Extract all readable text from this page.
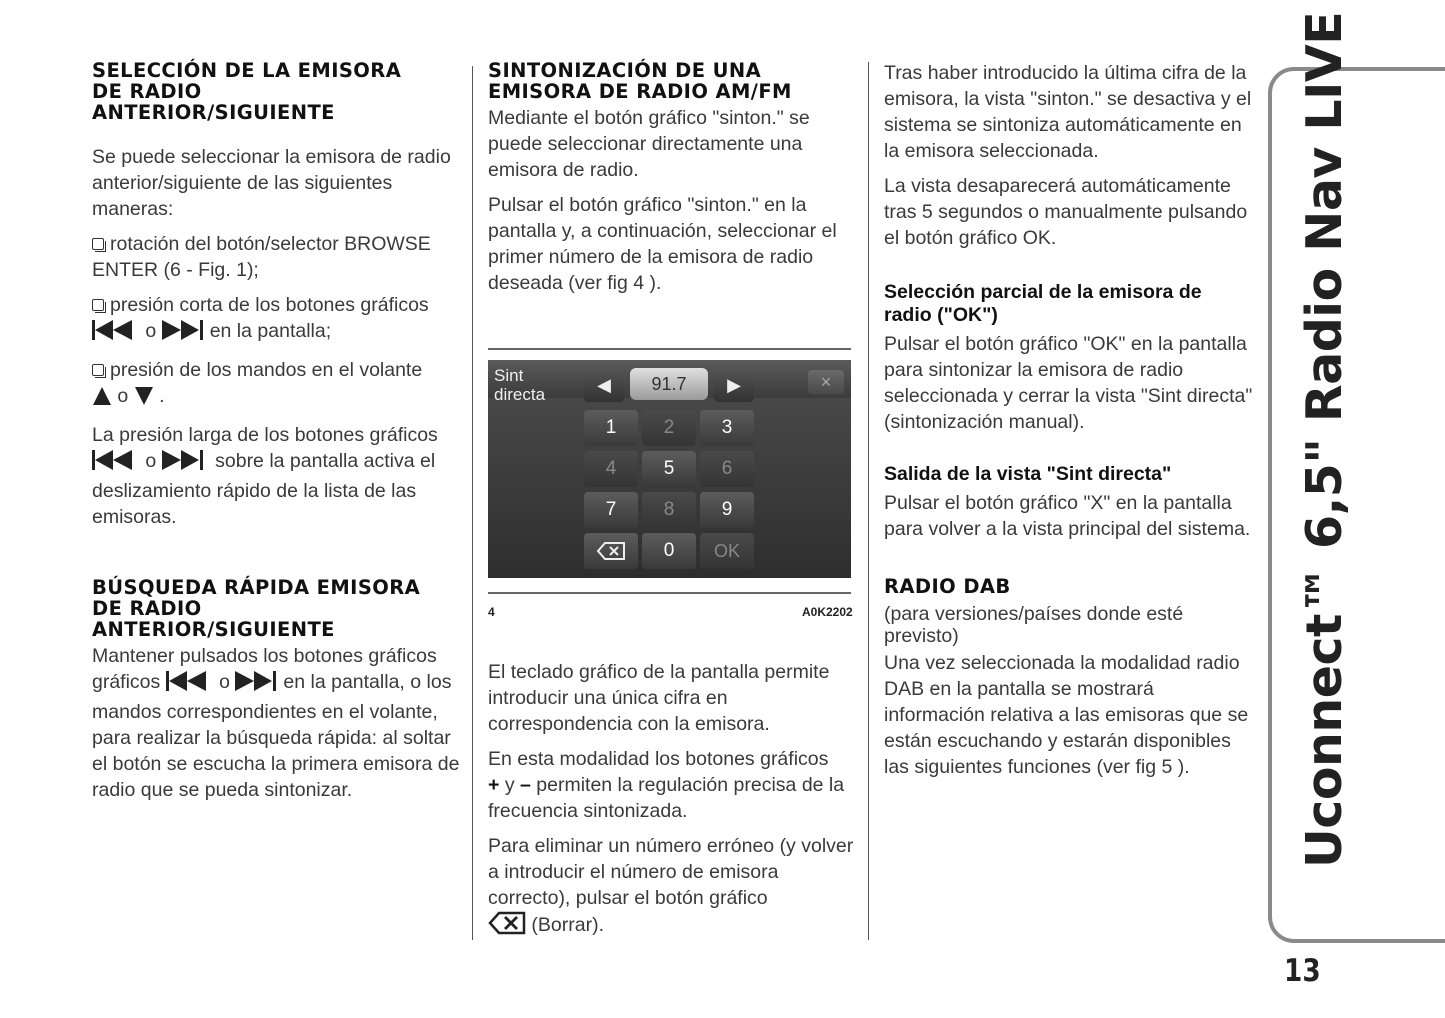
SELECCIÓN DE LA EMISORA DE RADIO ANTERIOR/SIGUIENTE

Se puede seleccionar la emisora de radio anterior/siguiente de las siguientes maneras:

rotación del botón/selector BROWSE ENTER (6 - Fig. 1);

presión corta de los botones gráficos
o	en la pantalla;

presión de los mandos en el volante
o .

La presión larga de los botones gráficos
o	sobre la pantalla activa el deslizamiento rápido de la lista de las emisoras.

BÚSQUEDA RÁPIDA EMISORA DE RADIO ANTERIOR/SIGUIENTE

Mantener pulsados los botones gráficos
gráficos	o	en la pantalla, o los mandos correspondientes en el volante, para realizar la búsqueda rápida: al soltar el botón se escucha la primera emisora de radio que se pueda sintonizar.

SINTONIZACIÓN DE UNA EMISORA DE RADIO AM/FM

Mediante el botón gráfico "sinton." se puede seleccionar directamente una emisora de radio.

Pulsar el botón gráfico "sinton." en la pantalla y, a continuación, seleccionar el primer número de la emisora de radio deseada (ver fig 4 ).

Sint
directa	◀	91.7	▶	×
1	2	3
4	5	6
7	8	9
0	OK
4	A0K2202

El teclado gráfico de la pantalla permite introducir una única cifra en correspondencia con la emisora.

En esta modalidad los botones gráficos
+ y – permiten la regulación precisa de la frecuencia sintonizada.

Para eliminar un número erróneo (y volver a introducir el número de emisora correcto), pulsar el botón gráfico
(Borrar).

Tras haber introducido la última cifra de la emisora, la vista "sinton." se desactiva y el sistema se sintoniza automáticamente en la emisora seleccionada.

La vista desaparecerá automáticamente tras 5 segundos o manualmente pulsando el botón gráfico OK.

Selección parcial de la emisora de radio ("OK")

Pulsar el botón gráfico "OK" en la pantalla para sintonizar la emisora de radio seleccionada y cerrar la vista "Sint directa" (sintonización manual).

Salida de la vista "Sint directa"

Pulsar el botón gráfico "X" en la pantalla para volver a la vista principal del sistema.

RADIO DAB

(para versiones/países donde esté previsto)

Una vez seleccionada la modalidad radio DAB en la pantalla se mostrará información relativa a las emisoras que se están escuchando y estarán disponibles las siguientes funciones (ver fig 5 ).	Uconnect™ 6,5" Radio Nav LIVE
13
